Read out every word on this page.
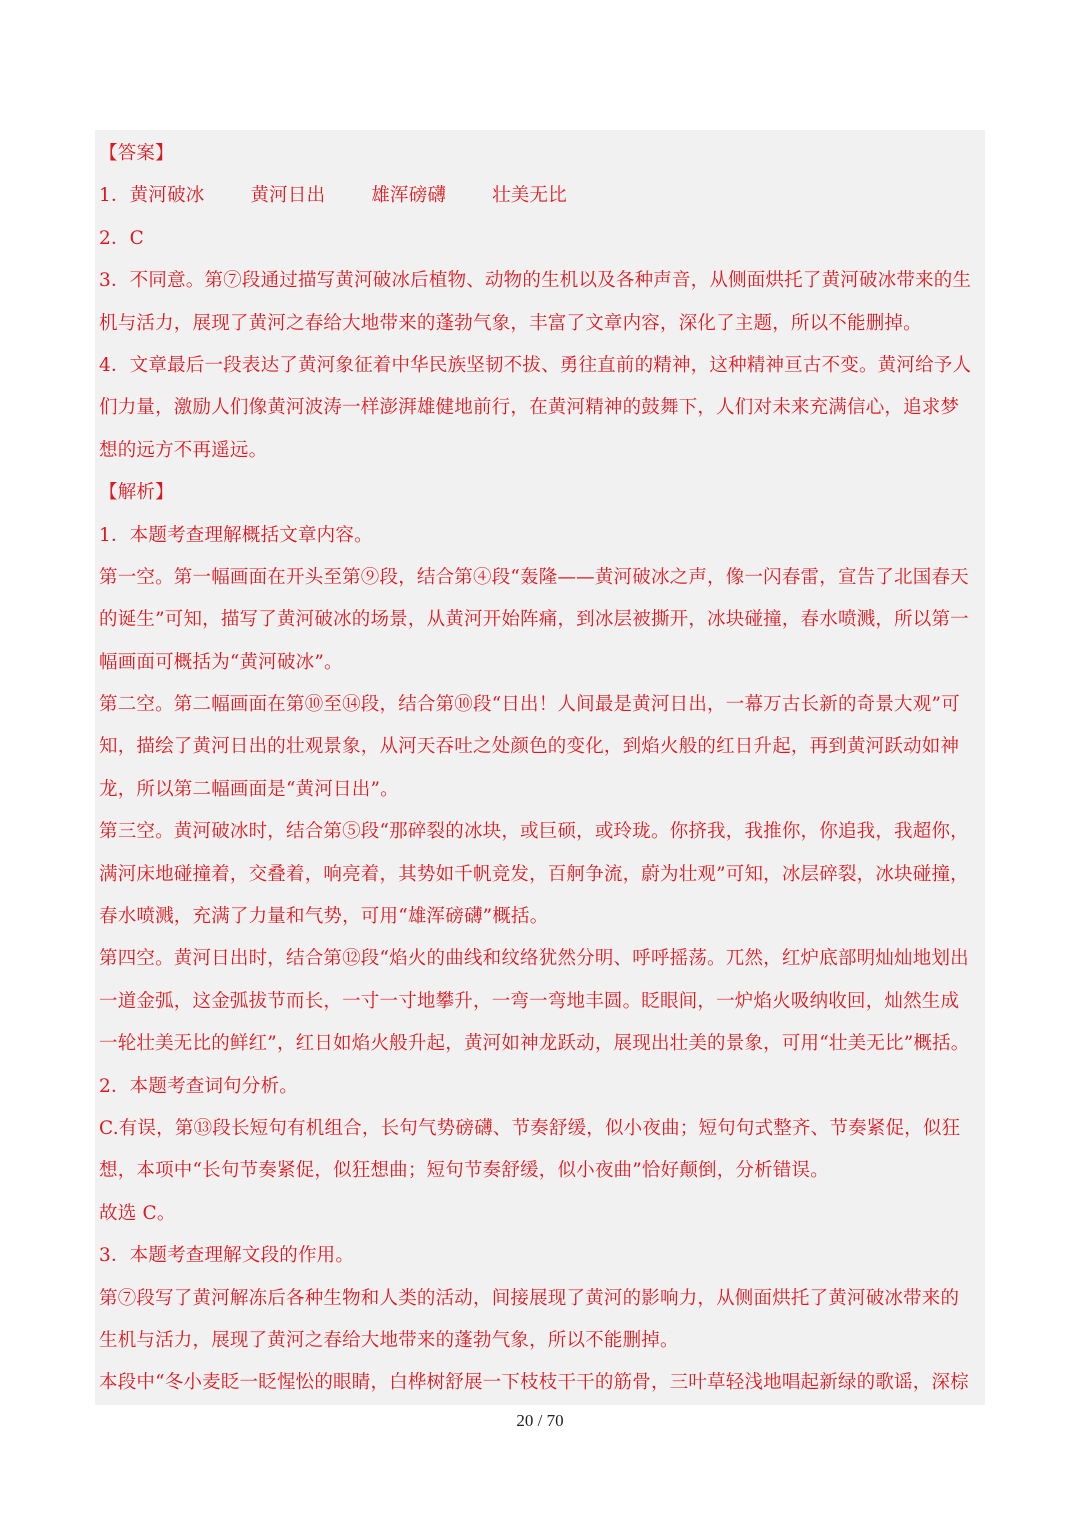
【答案】
1．黄河破冰 黄河日出 雄浑磅礴 壮美无比
2．C
3．不同意。第⑦段通过描写黄河破冰后植物、动物的生机以及各种声音，从侧面烘托了黄河破冰带来的生
机与活力，展现了黄河之春给大地带来的蓬勃气象，丰富了文章内容，深化了主题，所以不能删掉。
4．文章最后一段表达了黄河象征着中华民族坚韧不拔、勇往直前的精神，这种精神亘古不变。黄河给予人
们力量，激励人们像黄河波涛一样澎湃雄健地前行，在黄河精神的鼓舞下，人们对未来充满信心，追求梦
想的远方不再遥远。
【解析】
1．本题考查理解概括文章内容。
第一空。第一幅画面在开头至第⑨段，结合第④段“轰隆——黄河破冰之声，像一闪春雷，宣告了北国春天
的诞生”可知，描写了黄河破冰的场景，从黄河开始阵痛，到冰层被撕开，冰块碰撞，春水喷溅，所以第一
幅画面可概括为“黄河破冰”。
第二空。第二幅画面在第⑩至⑭段，结合第⑩段“日出！人间最是黄河日出，一幕万古长新的奇景大观”可
知，描绘了黄河日出的壮观景象，从河天吞吐之处颜色的变化，到焰火般的红日升起，再到黄河跃动如神
龙，所以第二幅画面是“黄河日出”。
第三空。黄河破冰时，结合第⑤段“那碎裂的冰块，或巨硕，或玲珑。你挤我，我推你，你追我，我超你，
满河床地碰撞着，交叠着，响亮着，其势如千帆竞发，百舸争流，蔚为壮观”可知，冰层碎裂，冰块碰撞，
春水喷溅，充满了力量和气势，可用“雄浑磅礴”概括。
第四空。黄河日出时，结合第⑫段“焰火的曲线和纹络犹然分明、呼呼摇荡。兀然，红炉底部明灿灿地划出
一道金弧，这金弧拔节而长，一寸一寸地攀升，一弯一弯地丰圆。眨眼间，一炉焰火吸纳收回，灿然生成
一轮壮美无比的鲜红”，红日如焰火般升起，黄河如神龙跃动，展现出壮美的景象，可用“壮美无比”概括。
2．本题考查词句分析。
C.有误，第⑬段长短句有机组合，长句气势磅礴、节奏舒缓，似小夜曲；短句句式整齐、节奏紧促，似狂
想，本项中“长句节奏紧促，似狂想曲；短句节奏舒缓，似小夜曲”恰好颠倒，分析错误。
故选 C。
3．本题考查理解文段的作用。
第⑦段写了黄河解冻后各种生物和人类的活动，间接展现了黄河的影响力，从侧面烘托了黄河破冰带来的
生机与活力，展现了黄河之春给大地带来的蓬勃气象，所以不能删掉。
本段中“冬小麦眨一眨惺忪的眼睛，白桦树舒展一下枝枝干干的筋骨，三叶草轻浅地唱起新绿的歌谣，深棕
20 / 70
